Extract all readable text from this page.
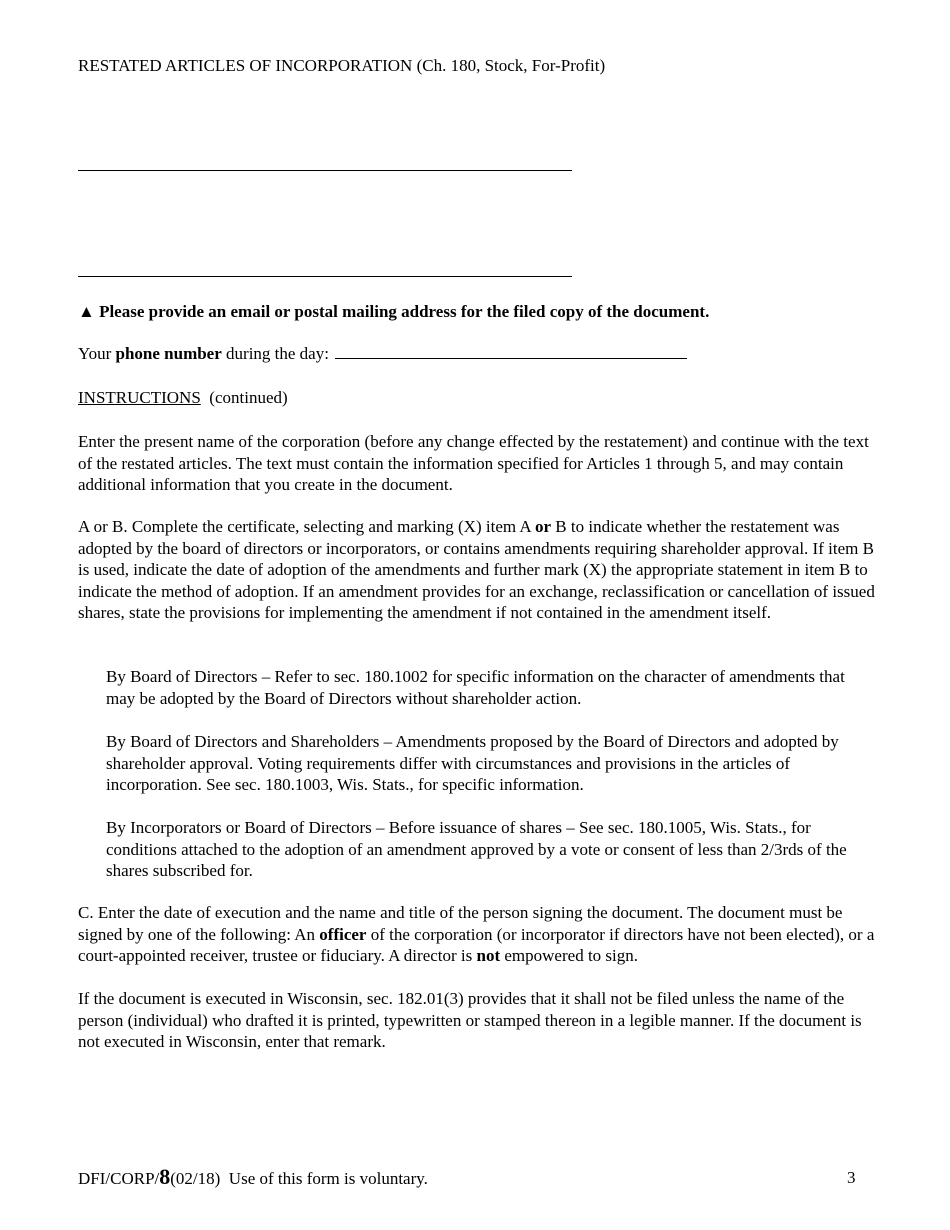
RESTATED ARTICLES OF INCORPORATION (Ch. 180, Stock, For-Profit)
▲ Please provide an email or postal mailing address for the filed copy of the document.
Your phone number during the day:
INSTRUCTIONS (continued)

Enter the present name of the corporation (before any change effected by the restatement) and continue with the text of the restated articles. The text must contain the information specified for Articles 1 through 5, and may contain additional information that you create in the document.

A or B. Complete the certificate, selecting and marking (X) item A or B to indicate whether the restatement was adopted by the board of directors or incorporators, or contains amendments requiring shareholder approval. If item B is used, indicate the date of adoption of the amendments and further mark (X) the appropriate statement in item B to indicate the method of adoption. If an amendment provides for an exchange, reclassification or cancellation of issued shares, state the provisions for implementing the amendment if not contained in the amendment itself.

By Board of Directors – Refer to sec. 180.1002 for specific information on the character of amendments that may be adopted by the Board of Directors without shareholder action.

By Board of Directors and Shareholders – Amendments proposed by the Board of Directors and adopted by shareholder approval. Voting requirements differ with circumstances and provisions in the articles of incorporation. See sec. 180.1003, Wis. Stats., for specific information.

By Incorporators or Board of Directors – Before issuance of shares – See sec. 180.1005, Wis. Stats., for conditions attached to the adoption of an amendment approved by a vote or consent of less than 2/3rds of the shares subscribed for.

C. Enter the date of execution and the name and title of the person signing the document. The document must be signed by one of the following: An officer of the corporation (or incorporator if directors have not been elected), or a court-appointed receiver, trustee or fiduciary. A director is not empowered to sign.

If the document is executed in Wisconsin, sec. 182.01(3) provides that it shall not be filed unless the name of the person (individual) who drafted it is printed, typewritten or stamped thereon in a legible manner. If the document is not executed in Wisconsin, enter that remark.

DFI/CORP/8(02/18)  Use of this form is voluntary.	3
